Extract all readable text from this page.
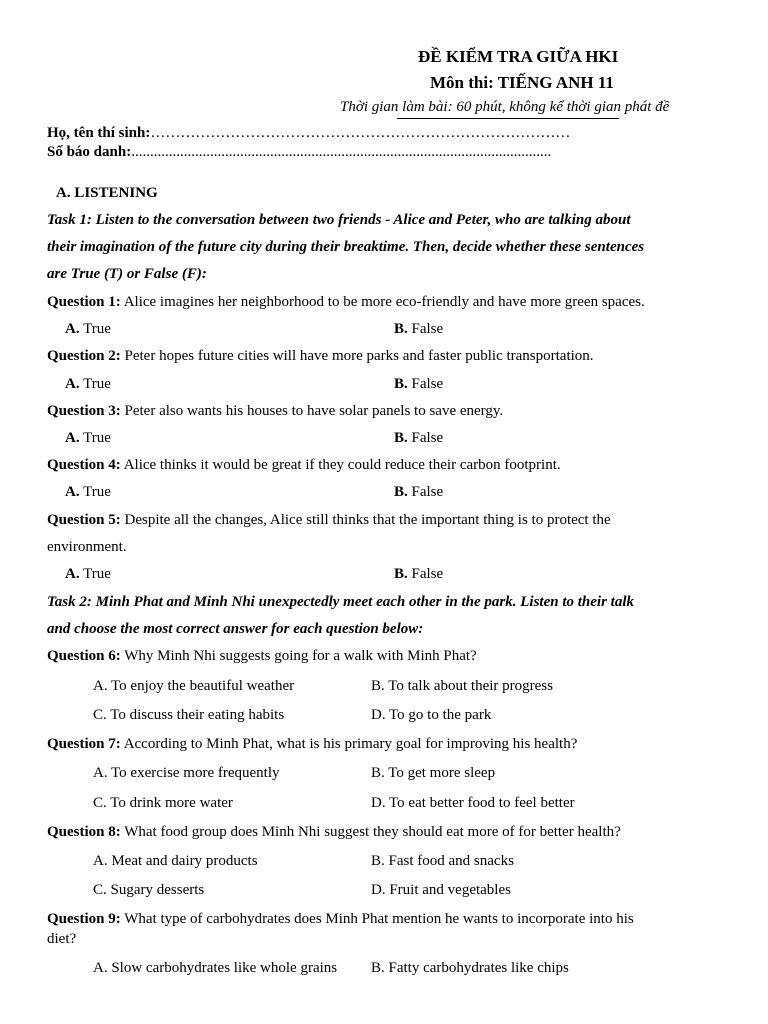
ĐỀ KIỂM TRA GIỮA HKI
Môn thi: TIẾNG ANH 11
Thời gian làm bài: 60 phút, không kể thời gian phát đề
Họ, tên thí sinh:…………………………………………………………………………
Số báo danh:................................................................................................................
A. LISTENING
Task 1: Listen to the conversation between two friends - Alice and Peter, who are talking about
their imagination of the future city during their breaktime. Then, decide whether these sentences
are True (T) or False (F):
Question 1: Alice imagines her neighborhood to be more eco-friendly and have more green spaces.
A. True	B. False
Question 2: Peter hopes future cities will have more parks and faster public transportation.
A. True	B. False
Question 3: Peter also wants his houses to have solar panels to save energy.
A. True	B. False
Question 4: Alice thinks it would be great if they could reduce their carbon footprint.
A. True	B. False
Question 5: Despite all the changes, Alice still thinks that the important thing is to protect the
environment.
A. True	B. False
Task 2: Minh Phat and Minh Nhi unexpectedly meet each other in the park. Listen to their talk
and choose the most correct answer for each question below:
Question 6: Why Minh Nhi suggests going for a walk with Minh Phat?
A. To enjoy the beautiful weather	B. To talk about their progress
C. To discuss their eating habits	D. To go to the park
Question 7: According to Minh Phat, what is his primary goal for improving his health?
A. To exercise more frequently	B. To get more sleep
C. To drink more water	D. To eat better food to feel better
Question 8: What food group does Minh Nhi suggest they should eat more of for better health?
A. Meat and dairy products	B. Fast food and snacks
C. Sugary desserts	D. Fruit and vegetables
Question 9: What type of carbohydrates does Minh Phat mention he wants to incorporate into his
diet?
A. Slow carbohydrates like whole grains B. Fatty carbohydrates like chips
